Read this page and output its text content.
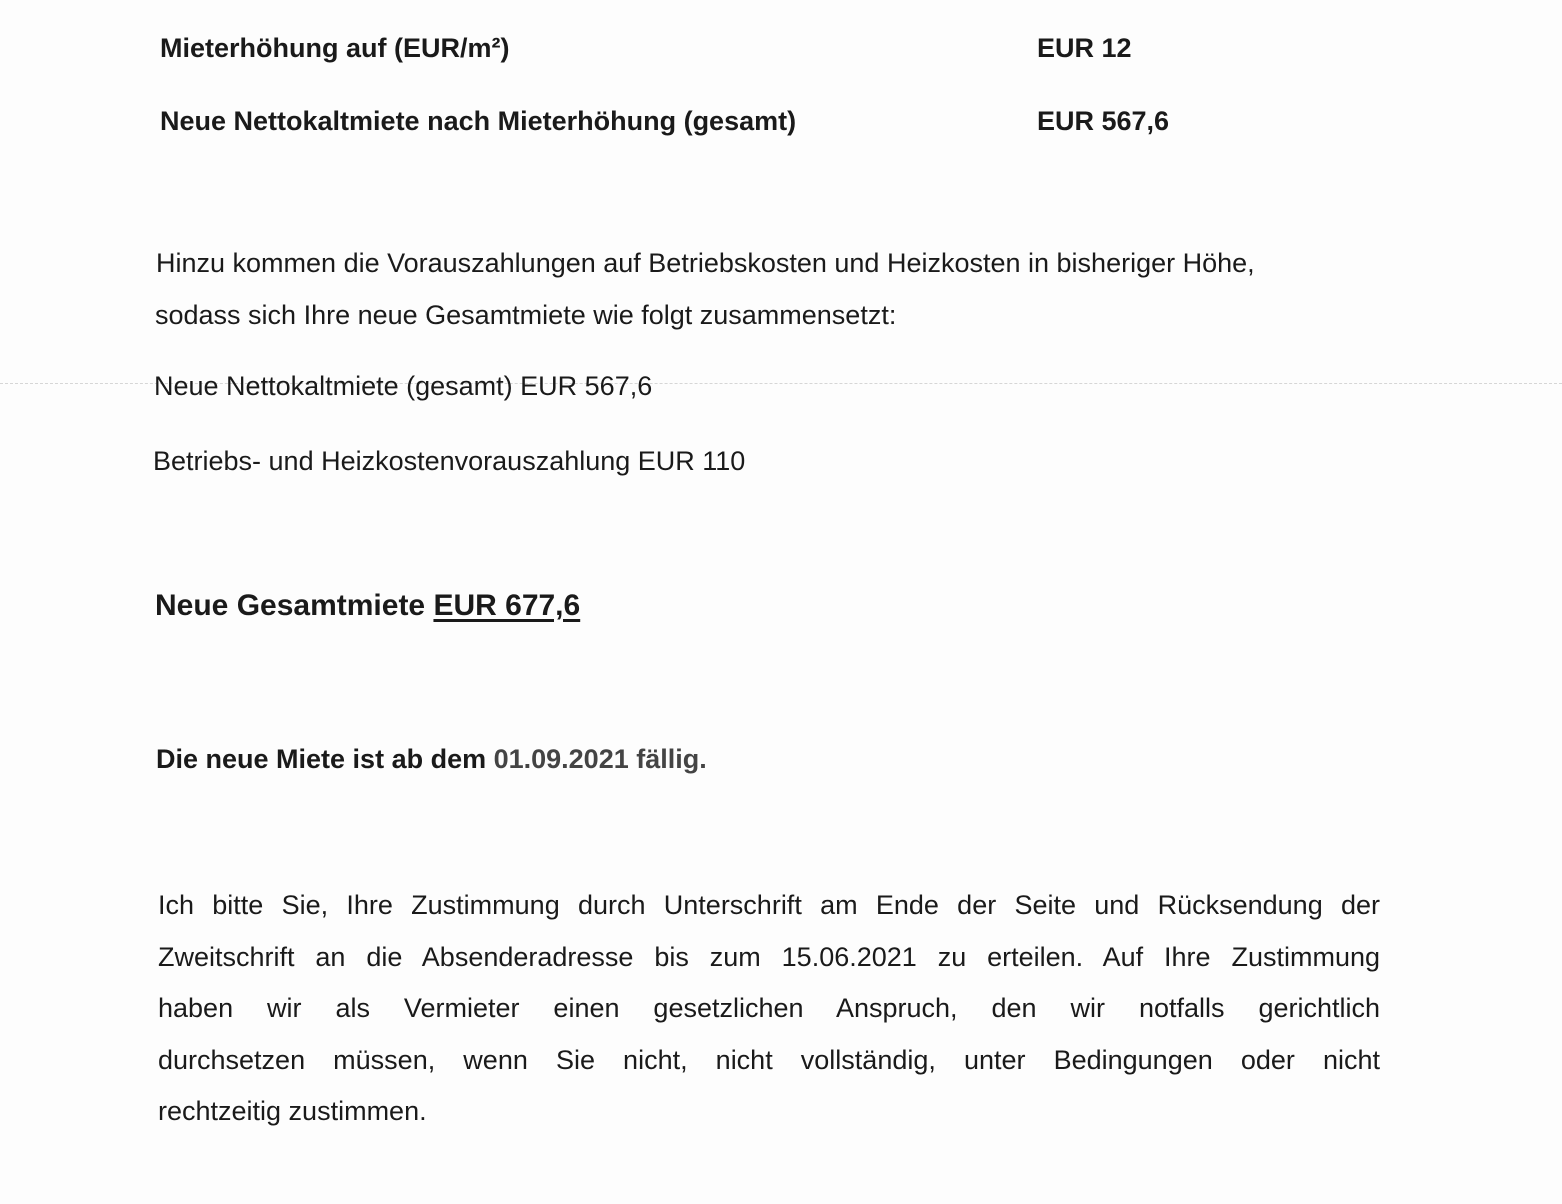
Mieterhöhung auf (EUR/m²)	EUR 12
Neue Nettokaltmiete nach Mieterhöhung (gesamt)	EUR 567,6
Hinzu kommen die Vorauszahlungen auf Betriebskosten und Heizkosten in bisheriger Höhe,
sodass sich Ihre neue Gesamtmiete wie folgt zusammensetzt:
Neue Nettokaltmiete (gesamt) EUR 567,6
Betriebs- und Heizkostenvorauszahlung EUR 110
Neue Gesamtmiete EUR 677,6
Die neue Miete ist ab dem 01.09.2021 fällig.
Ich bitte Sie, Ihre Zustimmung durch Unterschrift am Ende der Seite und Rücksendung der
Zweitschrift an die Absenderadresse bis zum 15.06.2021 zu erteilen. Auf Ihre Zustimmung
haben wir als Vermieter einen gesetzlichen Anspruch, den wir notfalls gerichtlich
durchsetzen müssen, wenn Sie nicht, nicht vollständig, unter Bedingungen oder nicht
rechtzeitig zustimmen.
